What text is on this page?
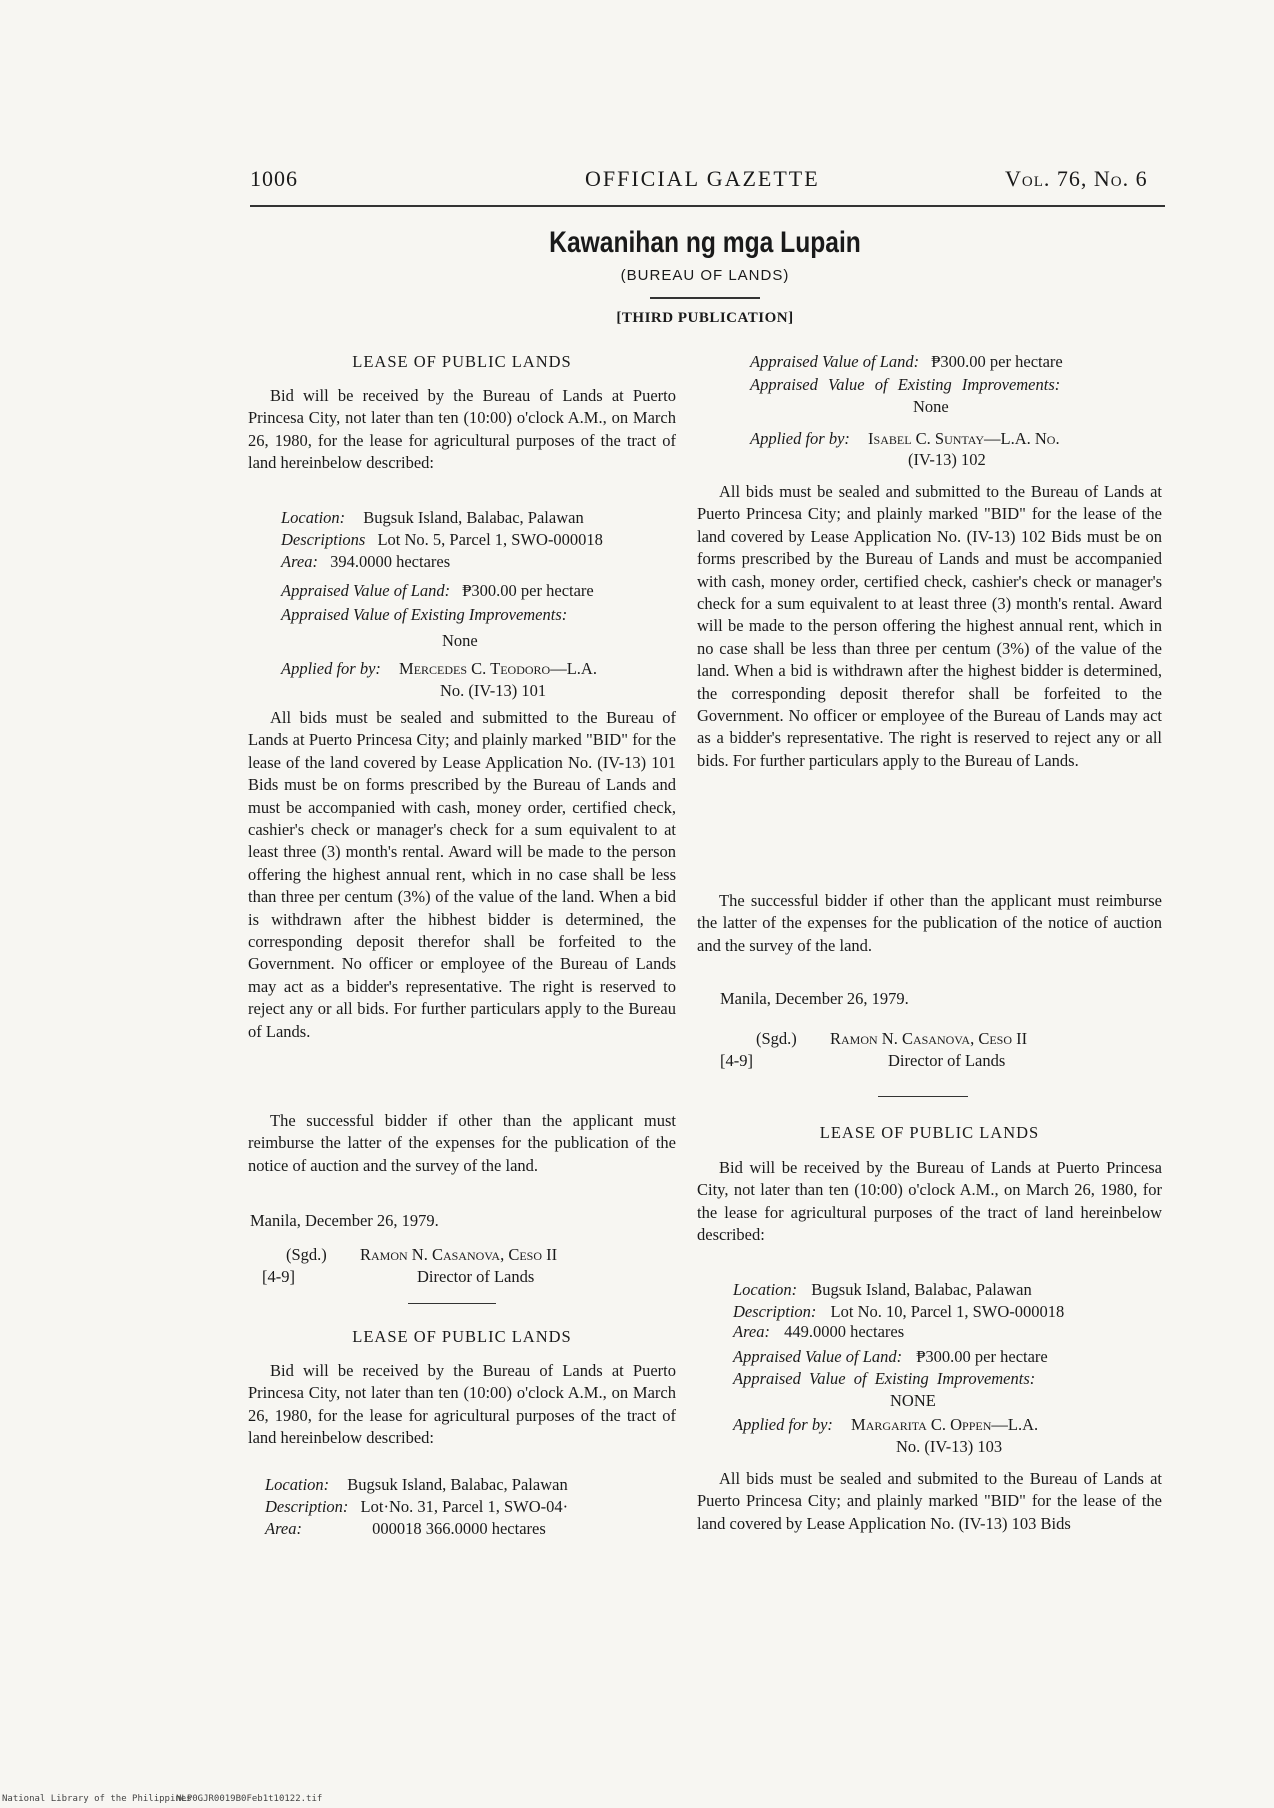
1006	OFFICIAL GAZETTE	Vol. 76, No. 6
Kawanihan ng mga Lupain
(BUREAU OF LANDS)
[THIRD PUBLICATION]
LEASE OF PUBLIC LANDS
Bid will be received by the Bureau of Lands at Puerto Princesa City, not later than ten (10:00) o'clock A.M., on March 26, 1980, for the lease for agricultural purposes of the tract of land hereinbelow described:
Location: Bugsuk Island, Balabac, Palawan
Descriptions Lot No. 5, Parcel 1, SWO-000018
Area: 394.0000 hectares
Appraised Value of Land: ₱300.00 per hectare
Appraised Value of Existing Improvements:
None
Applied for by: Mercedes C. Teodoro—L.A.
No. (IV-13) 101
All bids must be sealed and submitted to the Bureau of Lands at Puerto Princesa City; and plainly marked "BID" for the lease of the land covered by Lease Application No. (IV-13) 101 Bids must be on forms prescribed by the Bureau of Lands and must be accompanied with cash, money order, certified check, cashier's check or manager's check for a sum equivalent to at least three (3) month's rental. Award will be made to the person offering the highest annual rent, which in no case shall be less than three per centum (3%) of the value of the land. When a bid is withdrawn after the hibhest bidder is determined, the corresponding deposit therefor shall be forfeited to the Government. No officer or employee of the Bureau of Lands may act as a bidder's representative. The right is reserved to reject any or all bids. For further particulars apply to the Bureau of Lands.
The successful bidder if other than the applicant must reimburse the latter of the expenses for the publication of the notice of auction and the survey of the land.
Manila, December 26, 1979.
(Sgd.) Ramon N. Casanova, Ceso II
[4-9]	Director of Lands
LEASE OF PUBLIC LANDS
Bid will be received by the Bureau of Lands at Puerto Princesa City, not later than ten (10:00) o'clock A.M., on March 26, 1980, for the lease for agricultural purposes of the tract of land hereinbelow described:
Location: Bugsuk Island, Balabac, Palawan
Description: Lot·No. 31, Parcel 1, SWO-04·
Area:	000018 366.0000 hectares
Appraised Value of Land: ₱300.00 per hectare
Appraised Value of Existing Improvements:
None
Applied for by: Isabel C. Suntay—L.A. No.
(IV-13) 102
All bids must be sealed and submitted to the Bureau of Lands at Puerto Princesa City; and plainly marked "BID" for the lease of the land covered by Lease Application No. (IV-13) 102 Bids must be on forms prescribed by the Bureau of Lands and must be accompanied with cash, money order, certified check, cashier's check or manager's check for a sum equivalent to at least three (3) month's rental. Award will be made to the person offering the highest annual rent, which in no case shall be less than three per centum (3%) of the value of the land. When a bid is withdrawn after the highest bidder is determined, the corresponding deposit therefor shall be forfeited to the Government. No officer or employee of the Bureau of Lands may act as a bidder's representative. The right is reserved to reject any or all bids. For further particulars apply to the Bureau of Lands.
The successful bidder if other than the applicant must reimburse the latter of the expenses for the publication of the notice of auction and the survey of the land.
Manila, December 26, 1979.
(Sgd.) Ramon N. Casanova, Ceso II
[4-9]	Director of Lands
LEASE OF PUBLIC LANDS
Bid will be received by the Bureau of Lands at Puerto Princesa City, not later than ten (10:00) o'clock A.M., on March 26, 1980, for the lease for agricultural purposes of the tract of land hereinbelow described:
Location: Bugsuk Island, Balabac, Palawan
Description: Lot No. 10, Parcel 1, SWO-000018
Area: 449.0000 hectares
Appraised Value of Land: ₱300.00 per hectare
Appraised Value of Existing Improvements:
NONE
Applied for by: Margarita C. Oppen—L.A.
No. (IV-13) 103
All bids must be sealed and submited to the Bureau of Lands at Puerto Princesa City; and plainly marked "BID" for the lease of the land covered by Lease Application No. (IV-13) 103 Bids
National Library of the Philippines
NLP0GJR0019B0Feb1t10122.tif
